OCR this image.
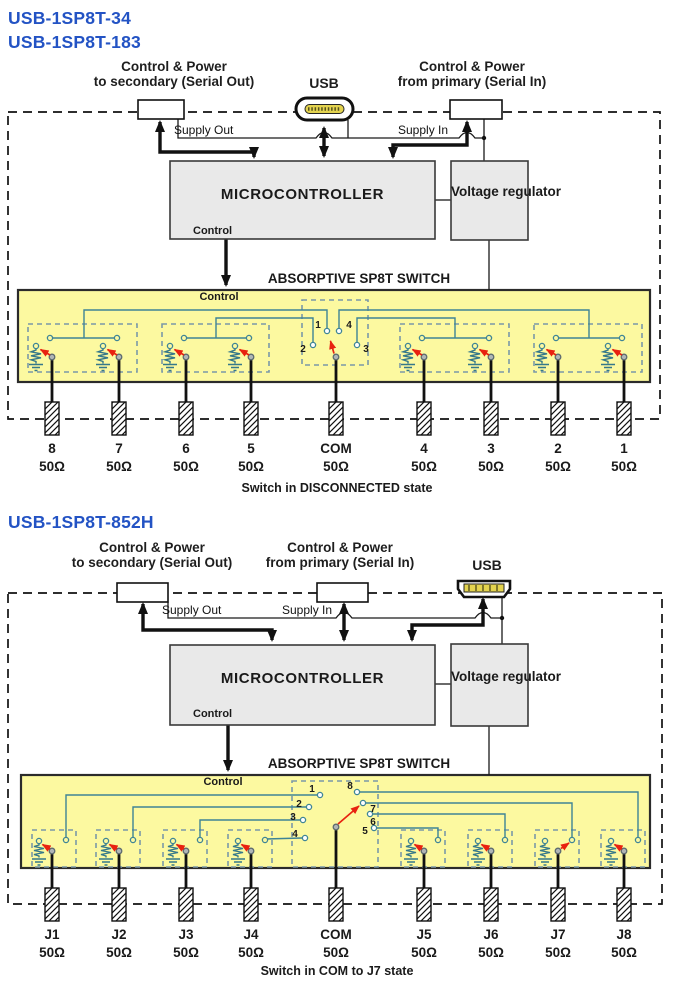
USB-1SP8T-34
USB-1SP8T-183
Control & Power
to secondary (Serial Out)	USB
Control & Power
from primary (Serial In)
Supply Out	Supply In
MICROCONTROLLER
Control
Voltage regulator
ABSORPTIVE SP8T SWITCH
Control
1	4
2	3
8
50Ω
7
50Ω
6
50Ω
5
50Ω
COM
50Ω
4
50Ω
3
50Ω
2
50Ω
1
50Ω
Switch in DISCONNECTED state
USB-1SP8T-852H
Control & Power
to secondary (Serial Out)
Control & Power
from primary (Serial In)	USB
Supply Out	Supply In
MICROCONTROLLER
Control
Voltage regulator
ABSORPTIVE SP8T SWITCH
Control
1
2
3
4
8
7
6
5
J1
50Ω
J2
50Ω
J3
50Ω
J4
50Ω
COM
50Ω
J5
50Ω
J6
50Ω
J7
50Ω
J8
50Ω
Switch in COM to J7 state
